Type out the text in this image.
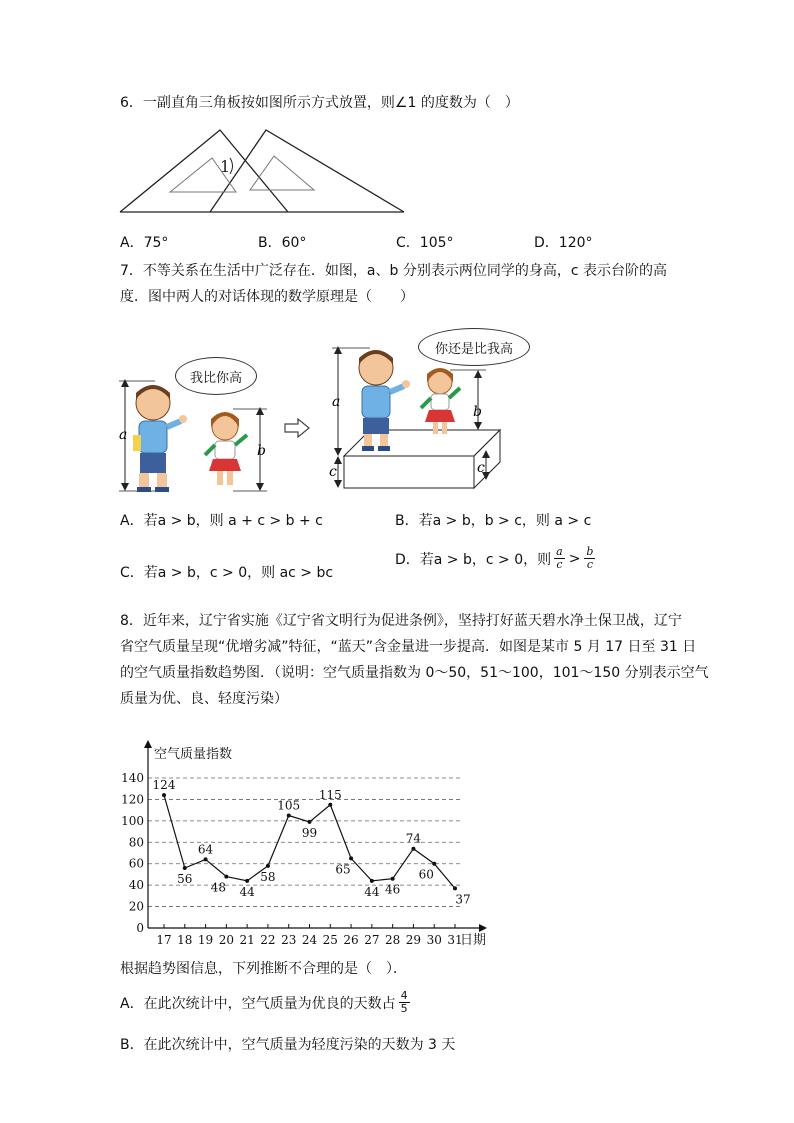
6．一副直角三角板按如图所示方式放置，则∠1 的度数为（　）
1
A．75°	B．60°	C．105°	D．120°
7．不等关系在生活中广泛存在．如图，a、b 分别表示两位同学的身高，c 表示台阶的高
度．图中两人的对话体现的数学原理是（　　）
a
b
我比你高
a
c
b
c
你还是比我高
A．若a > b，则 a + c > b + c	B．若a > b，b > c，则 a > c
C．若a > b，c > 0，则 ac > bc
D． 若a > b，c > 0，则 $\frac{a}{c} > \frac{b}{c}$
8．近年来，辽宁省实施《辽宁省文明行为促进条例》，坚持打好蓝天碧水净土保卫战，辽宁
省空气质量呈现“优增劣减”特征，“蓝天”含金量进一步提高．如图是某市 5 月 17 日至 31 日
的空气质量指数趋势图．（说明：空气质量指数为 0～50，51～100，101～150 分别表示空气
质量为优、良、轻度污染）
0
20
40
60
80
100
120
140
17 18 19 20 21 22 23 24 25 26 27 28 29 30 31
124
56
64
48 44
58
105
99
115
65
44 46
74
60
37
空气质量指数
日期
根据趋势图信息，下列推断不合理的是（　）．
A． 在此次统计中，空气质量为优良的天数占 $\frac{4}{5}$
B．在此次统计中，空气质量为轻度污染的天数为 3 天
